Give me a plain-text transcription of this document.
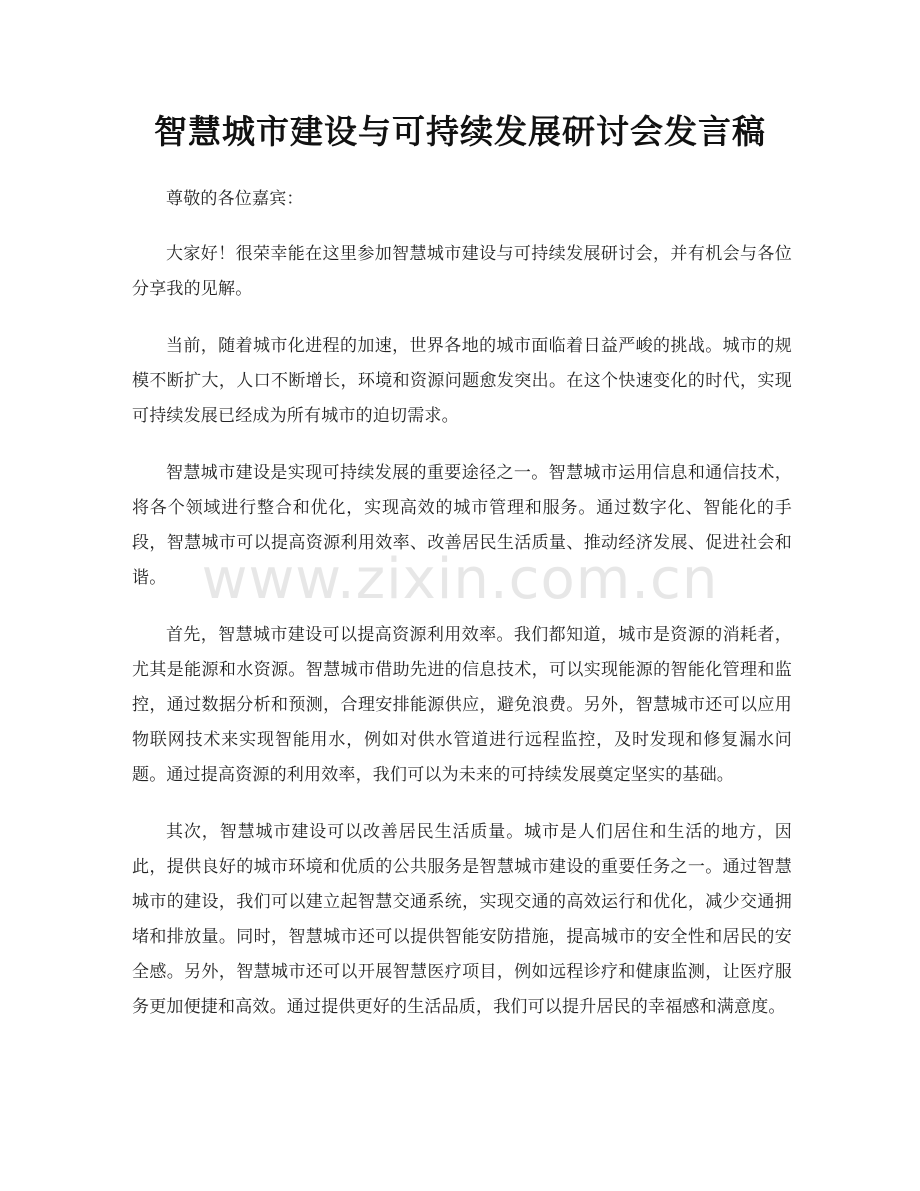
智慧城市建设与可持续发展研讨会发言稿

尊敬的各位嘉宾：

大家好！很荣幸能在这里参加智慧城市建设与可持续发展研讨会，并有机会与各位分享我的见解。

当前，随着城市化进程的加速，世界各地的城市面临着日益严峻的挑战。城市的规模不断扩大，人口不断增长，环境和资源问题愈发突出。在这个快速变化的时代，实现可持续发展已经成为所有城市的迫切需求。

智慧城市建设是实现可持续发展的重要途径之一。智慧城市运用信息和通信技术，将各个领域进行整合和优化，实现高效的城市管理和服务。通过数字化、智能化的手段，智慧城市可以提高资源利用效率、改善居民生活质量、推动经济发展、促进社会和谐。

首先，智慧城市建设可以提高资源利用效率。我们都知道，城市是资源的消耗者，尤其是能源和水资源。智慧城市借助先进的信息技术，可以实现能源的智能化管理和监控，通过数据分析和预测，合理安排能源供应，避免浪费。另外，智慧城市还可以应用物联网技术来实现智能用水，例如对供水管道进行远程监控，及时发现和修复漏水问题。通过提高资源的利用效率，我们可以为未来的可持续发展奠定坚实的基础。

其次，智慧城市建设可以改善居民生活质量。城市是人们居住和生活的地方，因此，提供良好的城市环境和优质的公共服务是智慧城市建设的重要任务之一。通过智慧城市的建设，我们可以建立起智慧交通系统，实现交通的高效运行和优化，减少交通拥堵和排放量。同时，智慧城市还可以提供智能安防措施，提高城市的安全性和居民的安全感。另外，智慧城市还可以开展智慧医疗项目，例如远程诊疗和健康监测，让医疗服务更加便捷和高效。通过提供更好的生活品质，我们可以提升居民的幸福感和满意度。

www.zixin.com.cn
